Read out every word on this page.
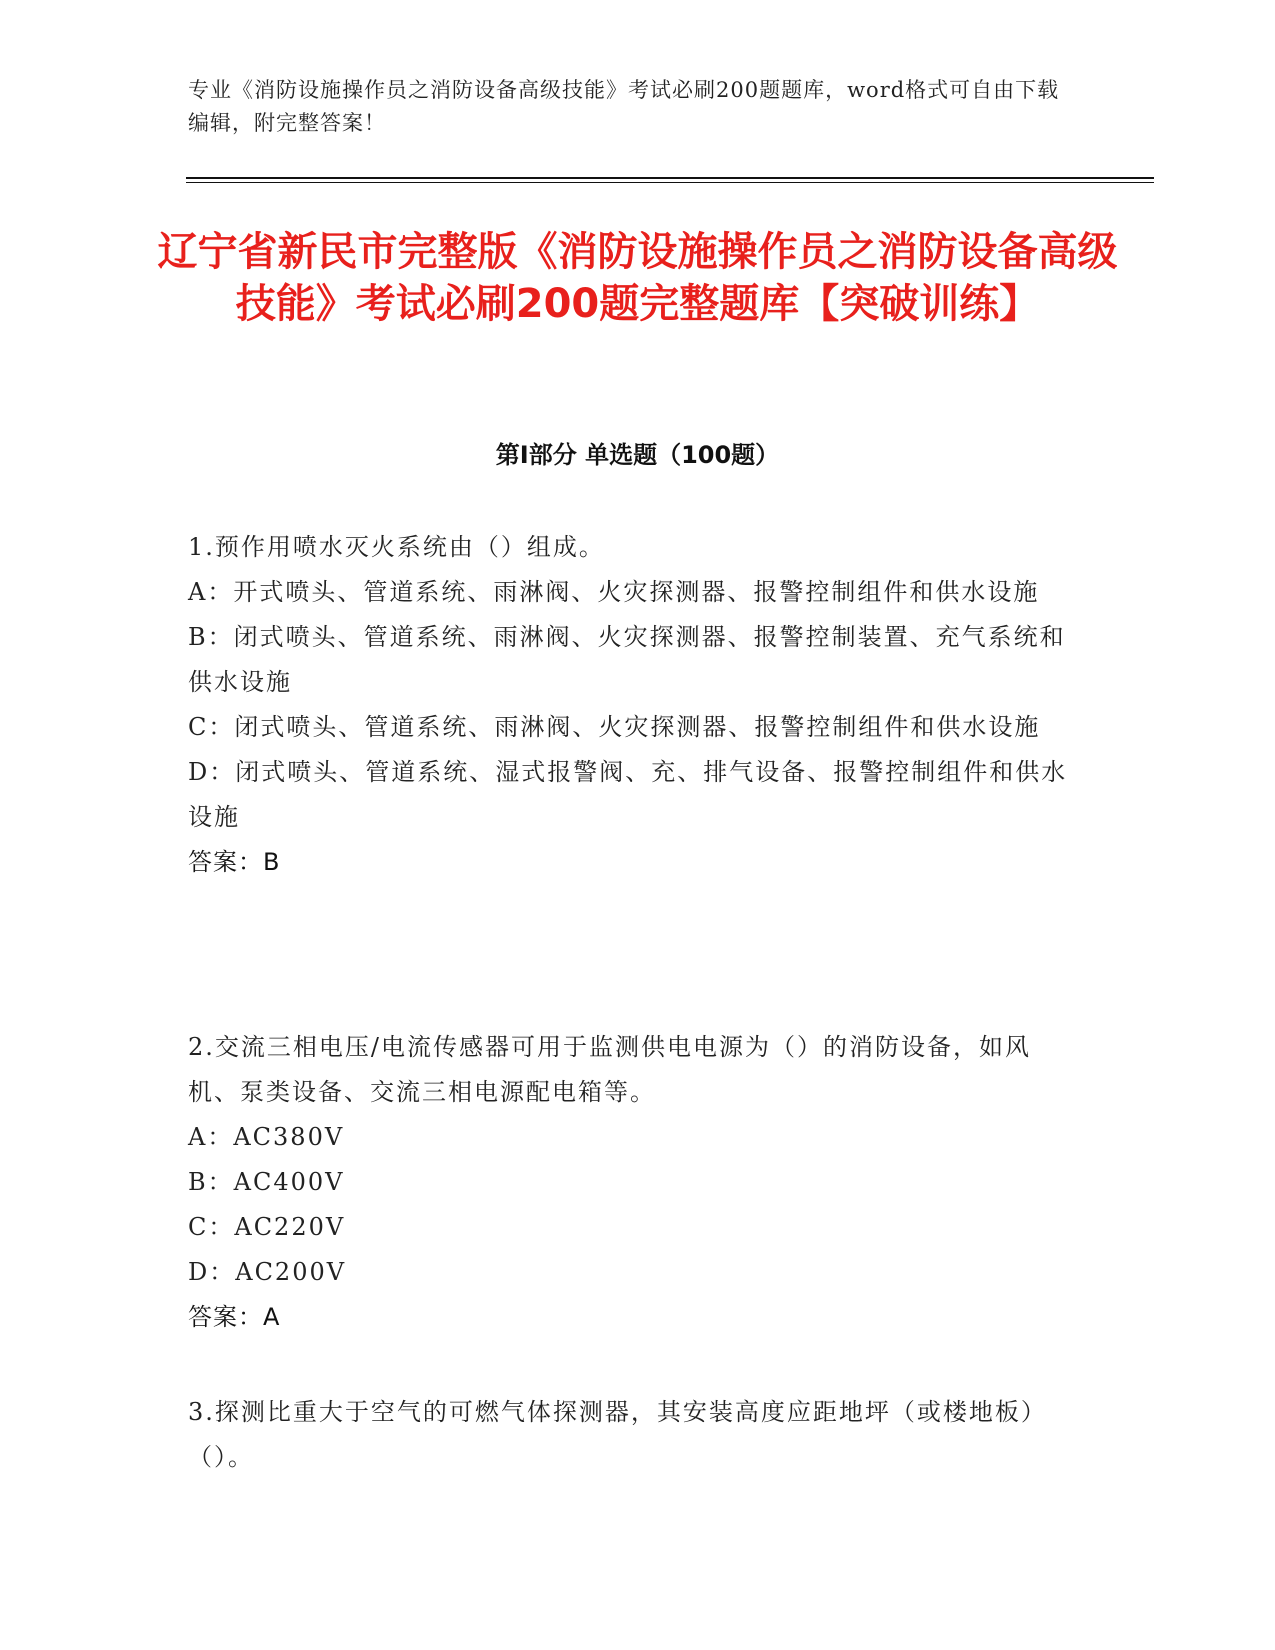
专业《消防设施操作员之消防设备高级技能》考试必刷200题题库，word格式可自由下载编辑，附完整答案！
辽宁省新民市完整版《消防设施操作员之消防设备高级技能》考试必刷200题完整题库【突破训练】
第Ⅰ部分 单选题（100题）

1.预作用喷水灭火系统由（）组成。

A：开式喷头、管道系统、雨淋阀、火灾探测器、报警控制组件和供水设施

B：闭式喷头、管道系统、雨淋阀、火灾探测器、报警控制装置、充气系统和供水设施

C：闭式喷头、管道系统、雨淋阀、火灾探测器、报警控制组件和供水设施

D：闭式喷头、管道系统、湿式报警阀、充、排气设备、报警控制组件和供水设施

答案：B

2.交流三相电压/电流传感器可用于监测供电电源为（）的消防设备，如风机、泵类设备、交流三相电源配电箱等。

A：AC380V

B：AC400V

C：AC220V

D：AC200V

答案：A

3.探测比重大于空气的可燃气体探测器，其安装高度应距地坪（或楼地板）（）。
